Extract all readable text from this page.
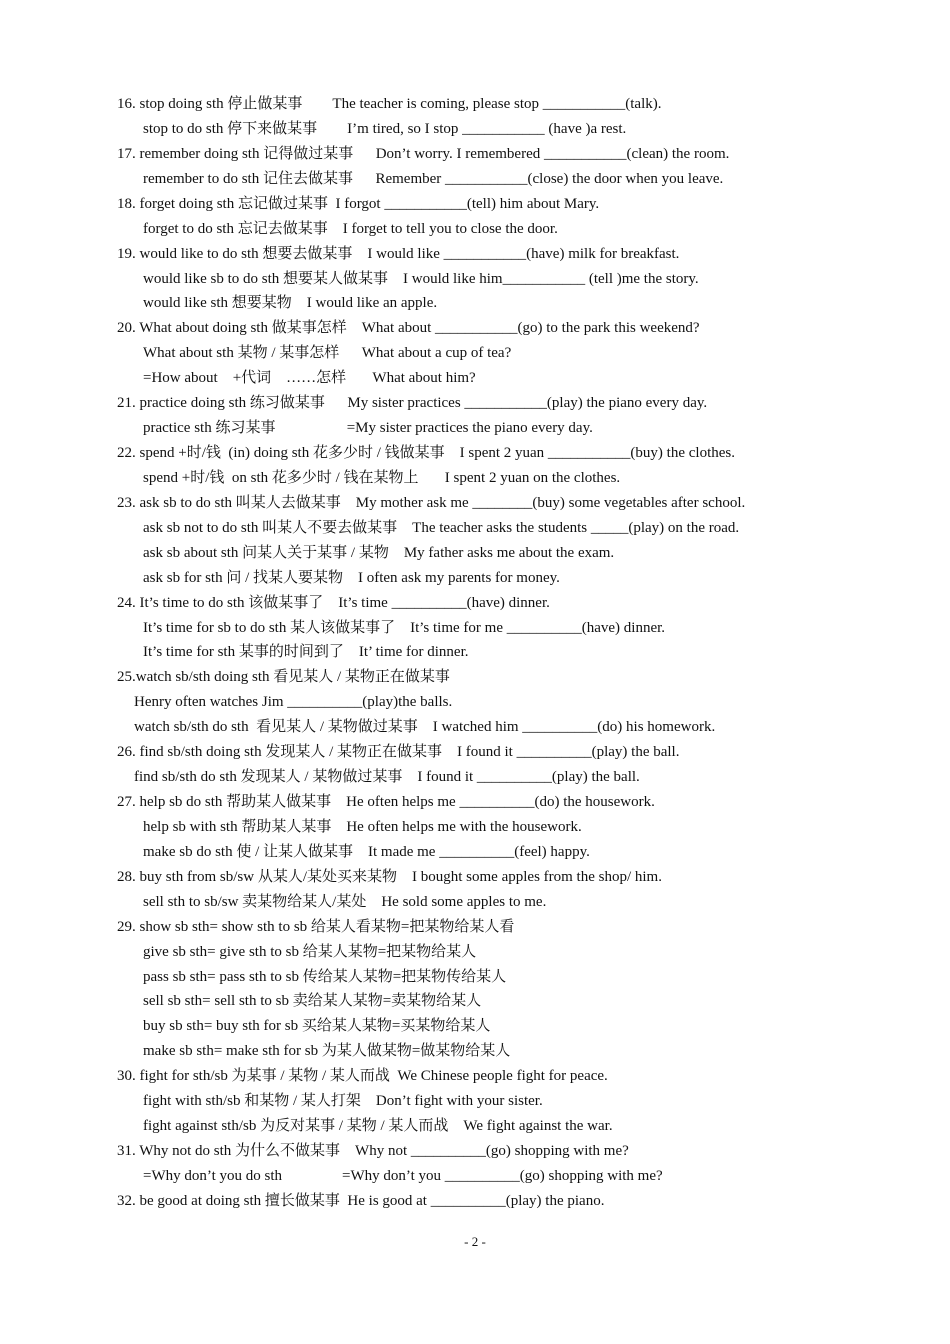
16. stop doing sth 停止做某事        The teacher is coming, please stop ___________(talk).
stop to do sth 停下来做某事        I’m tired, so I stop ___________ (have )a rest.
17. remember doing sth 记得做过某事      Don’t worry. I remembered ___________(clean) the room.
remember to do sth 记住去做某事      Remember ___________(close) the door when you leave.
18. forget doing sth 忘记做过某事  I forgot ___________(tell) him about Mary.
forget to do sth 忘记去做某事    I forget to tell you to close the door.
19. would like to do sth 想要去做某事    I would like ___________(have) milk for breakfast.
would like sb to do sth 想要某人做某事    I would like him___________ (tell )me the story.
would like sth 想要某物    I would like an apple.
20. What about doing sth 做某事怎样    What about ___________(go) to the park this weekend?
What about sth 某物 / 某事怎样      What about a cup of tea?
=How about    +代词    ……怎样       What about him?
21. practice doing sth 练习做某事      My sister practices ___________(play) the piano every day.
practice sth 练习某事                   =My sister practices the piano every day.
22. spend +时/钱  (in) doing sth 花多少时 / 钱做某事    I spent 2 yuan ___________(buy) the clothes.
spend +时/钱  on sth 花多少时 / 钱在某物上       I spent 2 yuan on the clothes.
23. ask sb to do sth 叫某人去做某事    My mother ask me ________(buy) some vegetables after school.
ask sb not to do sth 叫某人不要去做某事    The teacher asks the students _____(play) on the road.
ask sb about sth 问某人关于某事 / 某物    My father asks me about the exam.
ask sb for sth 问 / 找某人要某物    I often ask my parents for money.
24. It’s time to do sth 该做某事了    It’s time __________(have) dinner.
It’s time for sb to do sth 某人该做某事了    It’s time for me __________(have) dinner.
It’s time for sth 某事的时间到了    It’ time for dinner.
25.watch sb/sth doing sth 看见某人 / 某物正在做某事
Henry often watches Jim __________(play)the balls.
watch sb/sth do sth  看见某人 / 某物做过某事    I watched him __________(do) his homework.
26. find sb/sth doing sth 发现某人 / 某物正在做某事    I found it __________(play) the ball.
find sb/sth do sth 发现某人 / 某物做过某事    I found it __________(play) the ball.
27. help sb do sth 帮助某人做某事    He often helps me __________(do) the housework.
help sb with sth 帮助某人某事    He often helps me with the housework.
make sb do sth 使 / 让某人做某事    It made me __________(feel) happy.
28. buy sth from sb/sw 从某人/某处买来某物    I bought some apples from the shop/ him.
sell sth to sb/sw 卖某物给某人/某处    He sold some apples to me.
29. show sb sth= show sth to sb 给某人看某物=把某物给某人看
give sb sth= give sth to sb 给某人某物=把某物给某人
pass sb sth= pass sth to sb 传给某人某物=把某物传给某人
sell sb sth= sell sth to sb 卖给某人某物=卖某物给某人
buy sb sth= buy sth for sb 买给某人某物=买某物给某人
make sb sth= make sth for sb 为某人做某物=做某物给某人
30. fight for sth/sb 为某事 / 某物 / 某人而战  We Chinese people fight for peace.
fight with sth/sb 和某物 / 某人打架    Don’t fight with your sister.
fight against sth/sb 为反对某事 / 某物 / 某人而战    We fight against the war.
31. Why not do sth 为什么不做某事    Why not __________(go) shopping with me?
=Why don’t you do sth                =Why don’t you __________(go) shopping with me?
32. be good at doing sth 擅长做某事  He is good at __________(play) the piano.
- 2 -
